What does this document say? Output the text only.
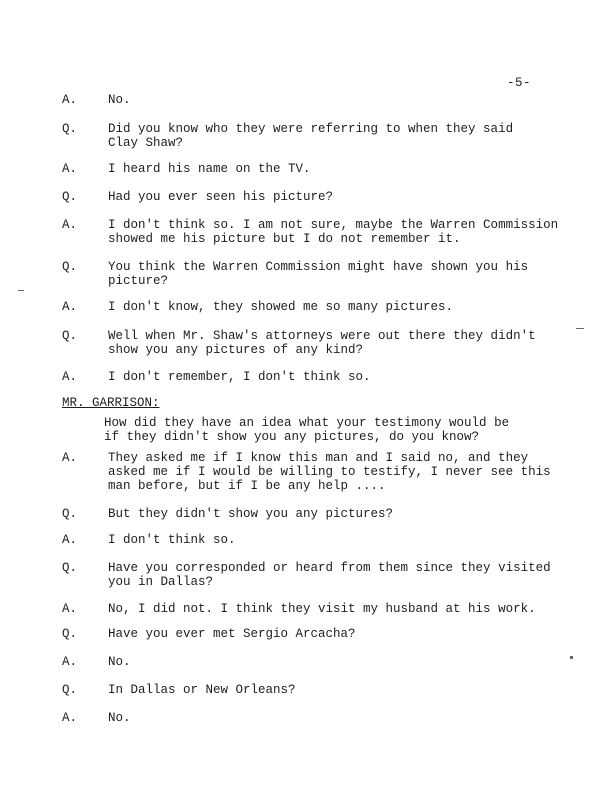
-5-
A. No.
Q. Did you know who they were referring to when they said
Clay Shaw?
A. I heard his name on the TV.
Q. Had you ever seen his picture?
A. I don't think so. I am not sure, maybe the Warren Commission
showed me his picture but I do not remember it.
Q. You think the Warren Commission might have shown you his
picture?
A. I don't know, they showed me so many pictures.
Q. Well when Mr. Shaw's attorneys were out there they didn't
show you any pictures of any kind?
A. I don't remember, I don't think so.
MR. GARRISON:
How did they have an idea what your testimony would be
if they didn't show you any pictures, do you know?
A. They asked me if I know this man and I said no, and they
asked me if I would be willing to testify, I never see this
man before, but if I be any help ....
Q. But they didn't show you any pictures?
A. I don't think so.
Q. Have you corresponded or heard from them since they visited
you in Dallas?
A. No, I did not. I think they visit my husband at his work.
Q. Have you ever met Sergio Arcacha?
A. No.
Q. In Dallas or New Orleans?
A. No.
